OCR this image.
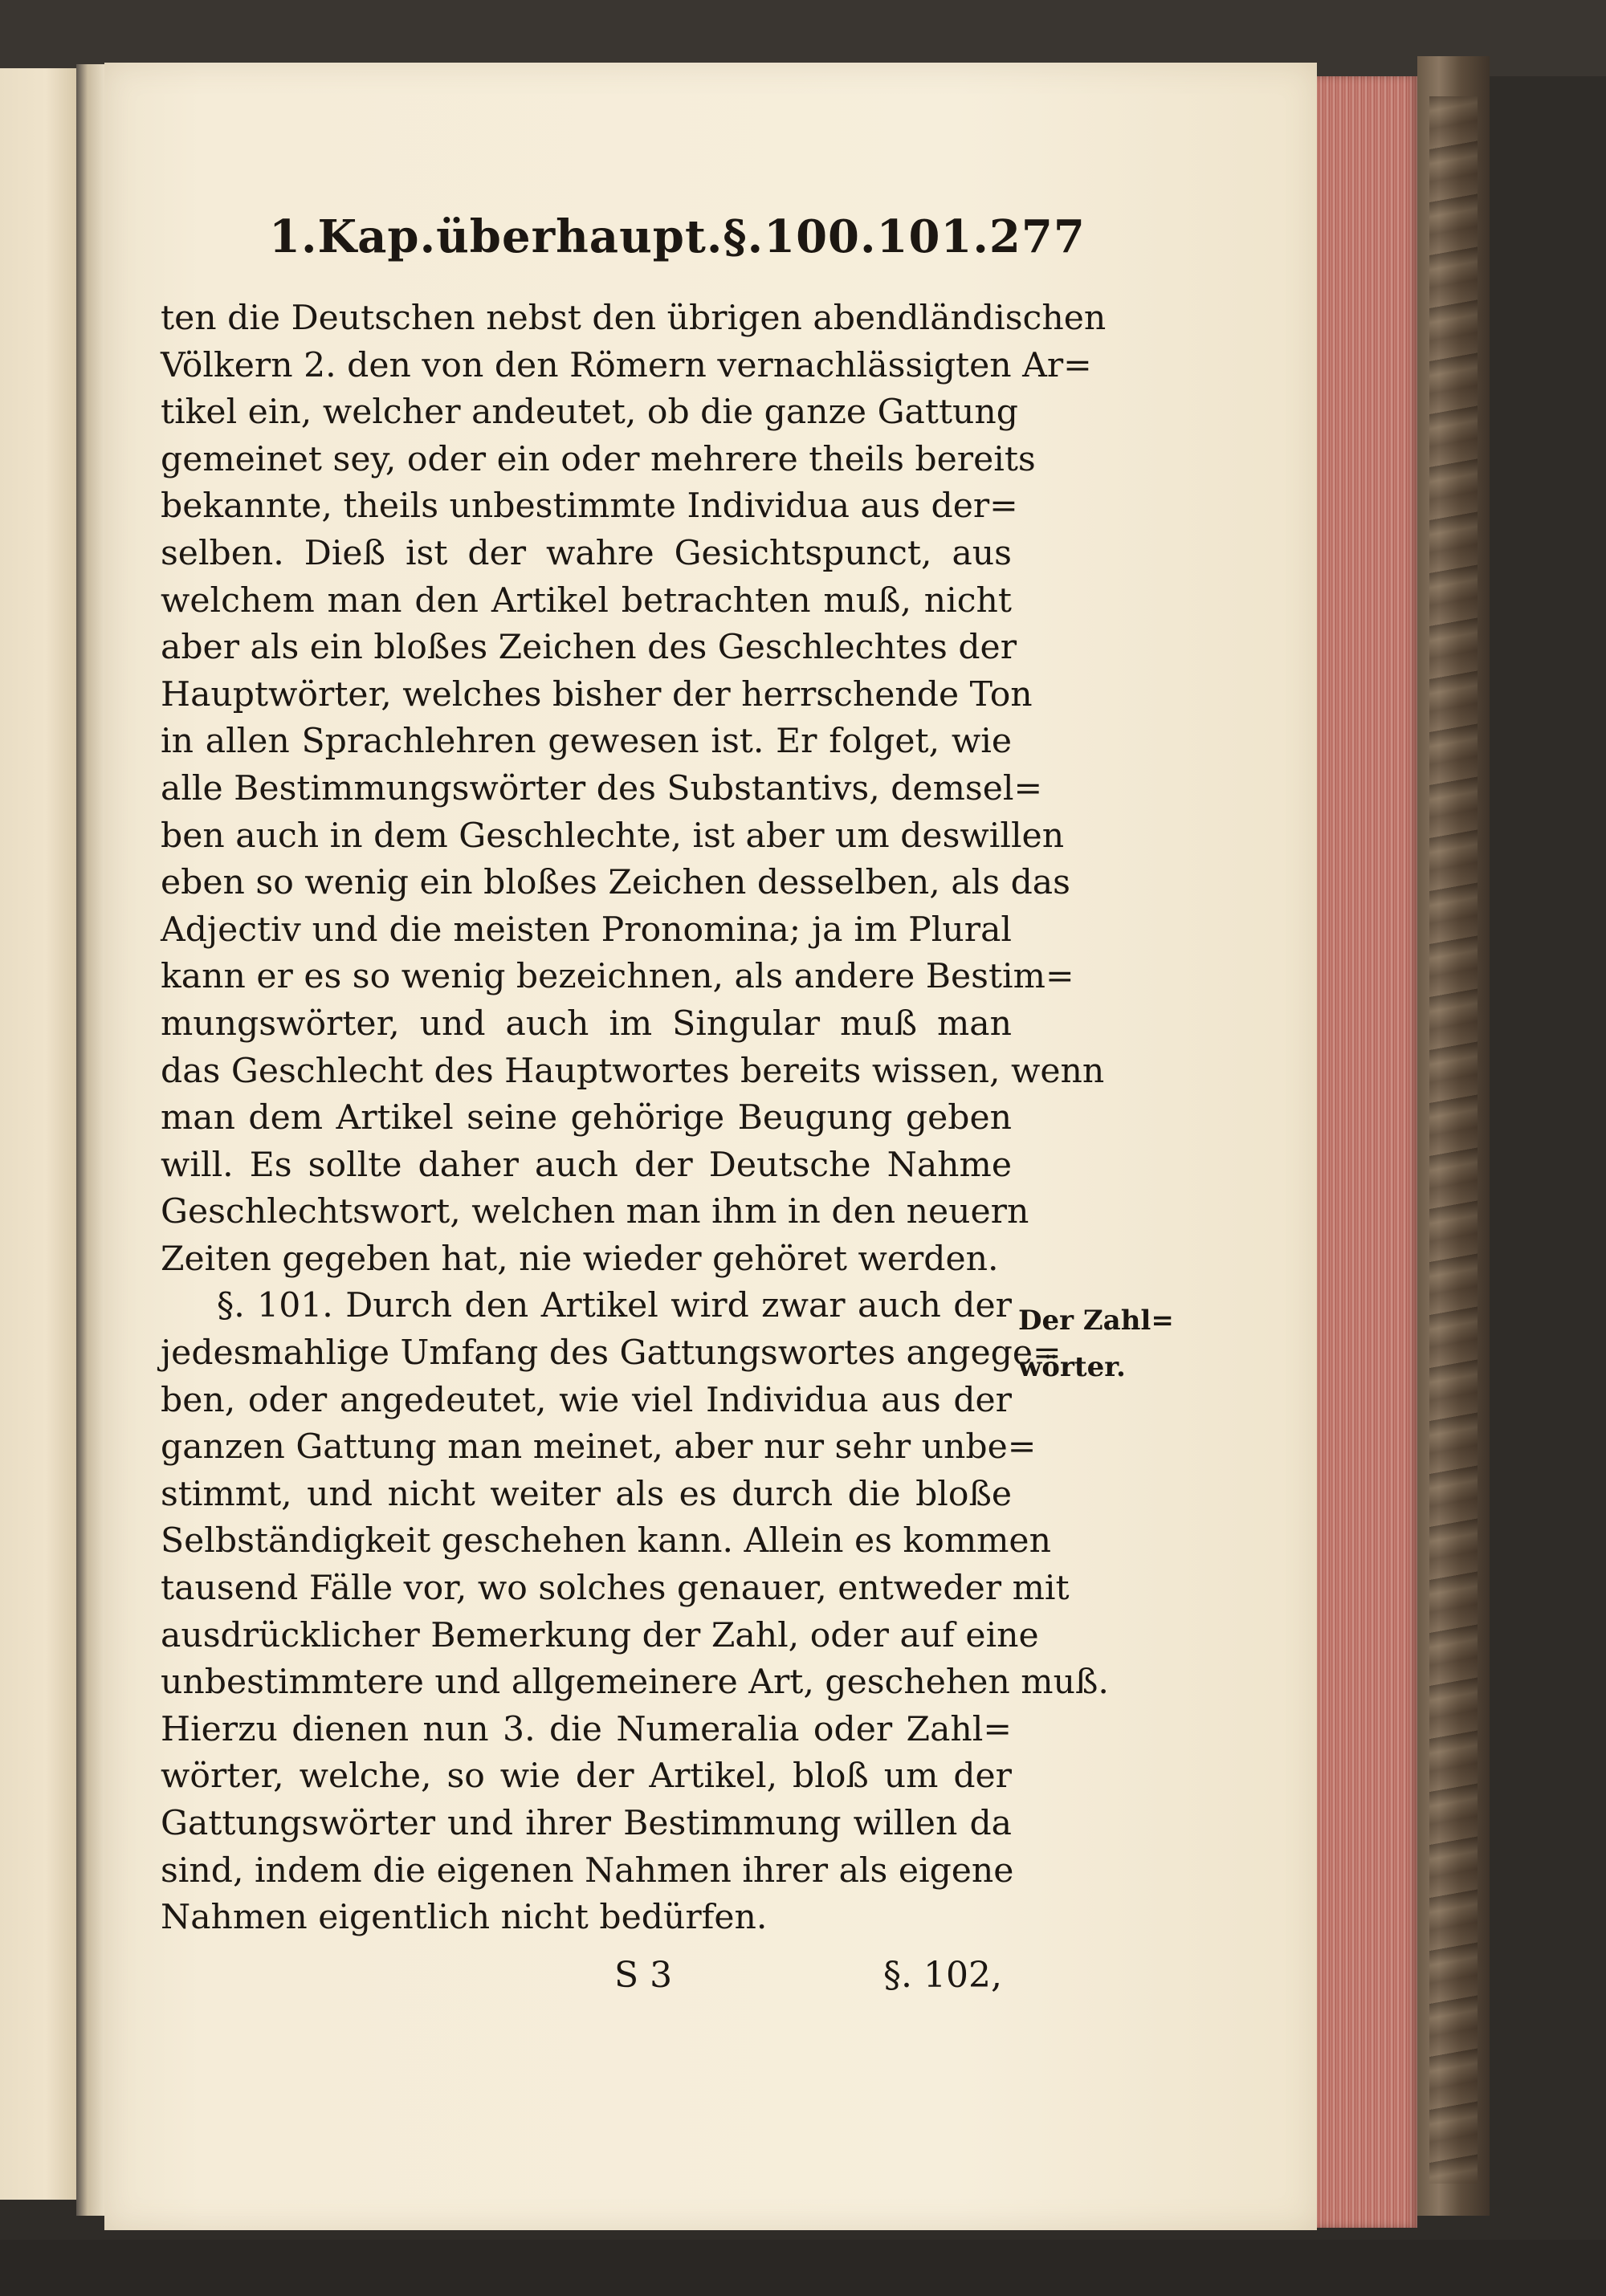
1.Kap. überhaupt. §.100.101. 277
ten die Deutschen nebst den übrigen abendländischen
Völkern 2. den von den Römern vernachlässigten Ar=
tikel ein, welcher andeutet, ob die ganze Gattung
gemeinet sey, oder ein oder mehrere theils bereits
bekannte, theils unbestimmte Individua aus der=
selben. Dieß ist der wahre Gesichtspunct, aus
welchem man den Artikel betrachten muß, nicht
aber als ein bloßes Zeichen des Geschlechtes der
Hauptwörter, welches bisher der herrschende Ton
in allen Sprachlehren gewesen ist. Er folget, wie
alle Bestimmungswörter des Substantivs, demsel=
ben auch in dem Geschlechte, ist aber um deswillen
eben so wenig ein bloßes Zeichen desselben, als das
Adjectiv und die meisten Pronomina; ja im Plural
kann er es so wenig bezeichnen, als andere Bestim=
mungswörter, und auch im Singular muß man
das Geschlecht des Hauptwortes bereits wissen, wenn
man dem Artikel seine gehörige Beugung geben
will. Es sollte daher auch der Deutsche Nahme
Geschlechtswort, welchen man ihm in den neuern
Zeiten gegeben hat, nie wieder gehöret werden.
§. 101. Durch den Artikel wird zwar auch der
jedesmahlige Umfang des Gattungswortes angege=
ben, oder angedeutet, wie viel Individua aus der
ganzen Gattung man meinet, aber nur sehr unbe=
stimmt, und nicht weiter als es durch die bloße
Selbständigkeit geschehen kann. Allein es kommen
tausend Fälle vor, wo solches genauer, entweder mit
ausdrücklicher Bemerkung der Zahl, oder auf eine
unbestimmtere und allgemeinere Art, geschehen muß.
Hierzu dienen nun 3. die Numeralia oder Zahl=
wörter, welche, so wie der Artikel, bloß um der
Gattungswörter und ihrer Bestimmung willen da
sind, indem die eigenen Nahmen ihrer als eigene
Nahmen eigentlich nicht bedürfen.
Der Zahl=
wörter.
S 3	§. 102,
